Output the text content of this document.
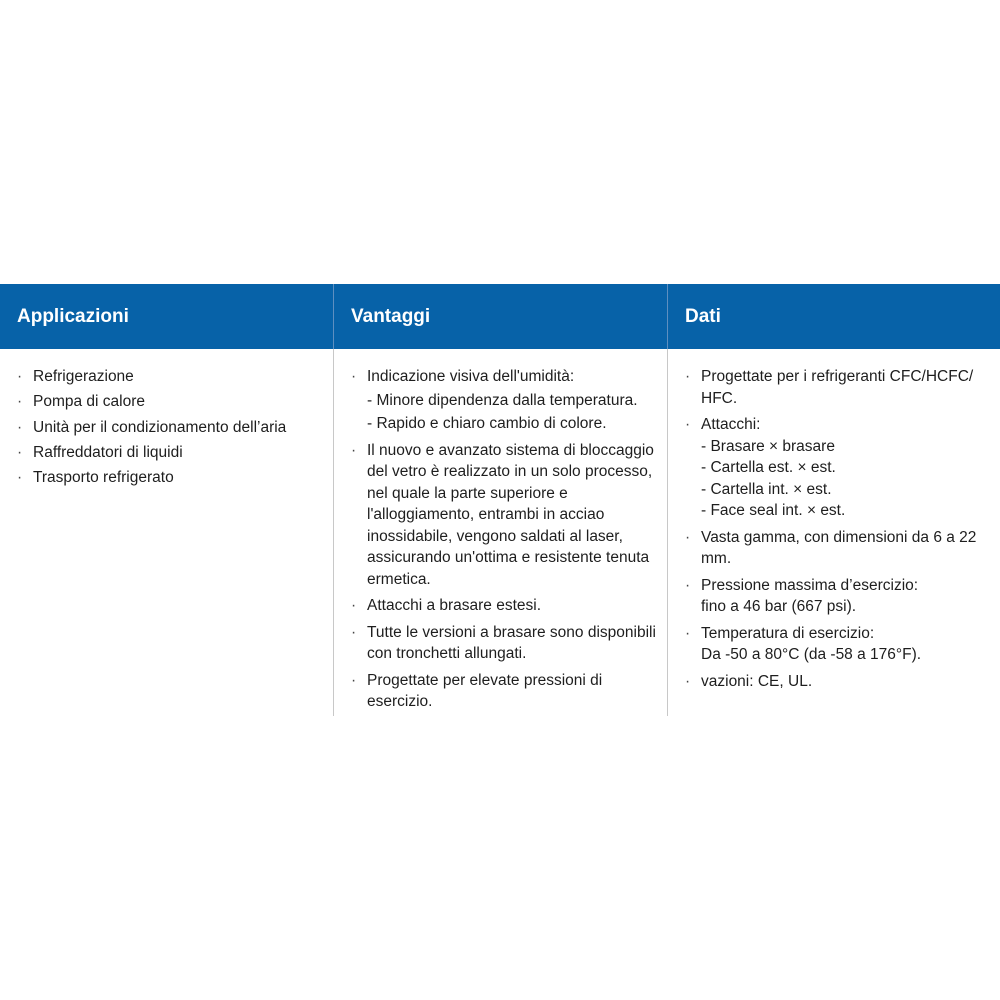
Applicazioni	Vantaggi	Dati
· Refrigerazione
· Pompa di calore
· Unità per il condizionamento dell’aria
· Raffreddatori di liquidi
· Trasporto refrigerato
· Indicazione visiva dell'umidità:
- Minore dipendenza dalla temperatura.
- Rapido e chiaro cambio di colore.
· Il nuovo e avanzato sistema di bloccaggio del vetro è realizzato in un solo processo, nel quale la parte superiore e l'alloggiamento, entrambi in acciao inossidabile, vengono saldati al laser, assicurando un'ottima e resistente tenuta ermetica.
· Attacchi a brasare estesi.
· Tutte le versioni a brasare sono disponibili con tronchetti allungati.
· Progettate per elevate pressioni di esercizio.
· Progettate per i refrigeranti CFC/HCFC/ HFC.
· Attacchi:
- Brasare × brasare
- Cartella est. × est.
- Cartella int. × est.
- Face seal int. × est.
· Vasta gamma, con dimensioni da 6 a 22 mm.
· Pressione massima d’esercizio:
fino a 46 bar (667 psi).
· Temperatura di esercizio:
Da -50 a 80°C (da -58 a 176°F).
· vazioni: CE, UL.
